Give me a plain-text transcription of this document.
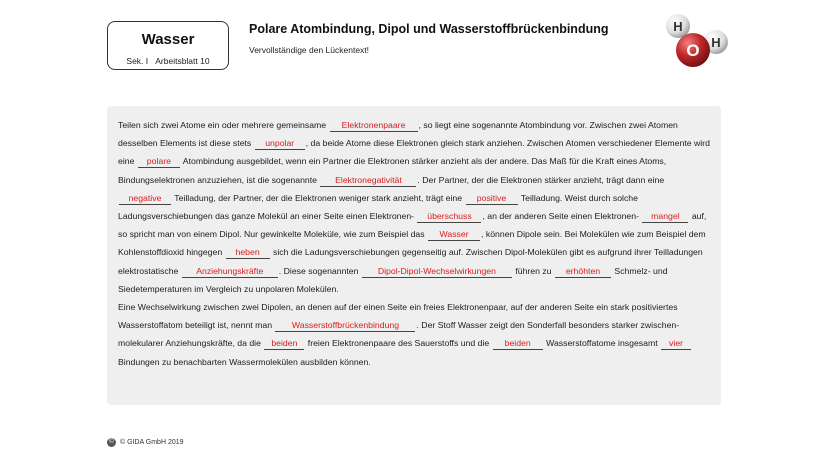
Wasser
Sek. I Arbeitsblatt 10
Polare Atombindung, Dipol und Wasserstoffbrückenbindung
Vervollständige den Lückentext!
H
O H
Teilen sich zwei Atome ein oder mehrere gemeinsame Elektronenpaare , so liegt eine sogenannte Atombindung vor. Zwischen zwei Atomen desselben Elements ist diese stets unpolar , da beide Atome diese Elektronen gleich stark anziehen. Zwischen Atomen verschiedener Elemente wird eine polare Atombindung ausgebildet, wenn ein Partner die Elektronen stärker anzieht als der andere. Das Maß für die Kraft eines Atoms, Bindungselektronen anzuziehen, ist die sogenannte Elektronegativität . Der Partner, der die Elektronen stärker anzieht, trägt dann eine negative Teilladung, der Partner, der die Elektronen weniger stark anzieht, trägt eine positive Teilladung. Weist durch solche Ladungsverschiebungen das ganze Molekül an einer Seite einen Elektronen- überschuss , an der anderen Seite einen Elektronen- mangel auf, so spricht man von einem Dipol. Nur gewinkelte Moleküle, wie zum Beispiel das Wasser , können Dipole sein. Bei Molekülen wie zum Beispiel dem Kohlenstoffdioxid hingegen heben sich die Ladungsverschiebungen gegenseitig auf. Zwischen Dipol-Molekülen gibt es aufgrund ihrer Teilladungen elektrostatische Anziehungskräfte . Diese sogenannten Dipol-Dipol-Wechselwirkungen führen zu erhöhten Schmelz- und Siedetemperaturen im Vergleich zu unpolaren Molekülen.
Eine Wechselwirkung zwischen zwei Dipolen, an denen auf der einen Seite ein freies Elektronenpaar, auf der anderen Seite ein stark positiviertes Wasserstoffatom beteiligt ist, nennt man Wasserstoffbrückenbindung . Der Stoff Wasser zeigt den Sonderfall besonders starker zwischen-molekularer Anziehungskräfte, da die beiden freien Elektronenpaare des Sauerstoffs und die beiden Wasserstoffatome insgesamt vier Bindungen zu benachbarten Wassermolekülen ausbilden können.
© © GIDA GmbH 2019
